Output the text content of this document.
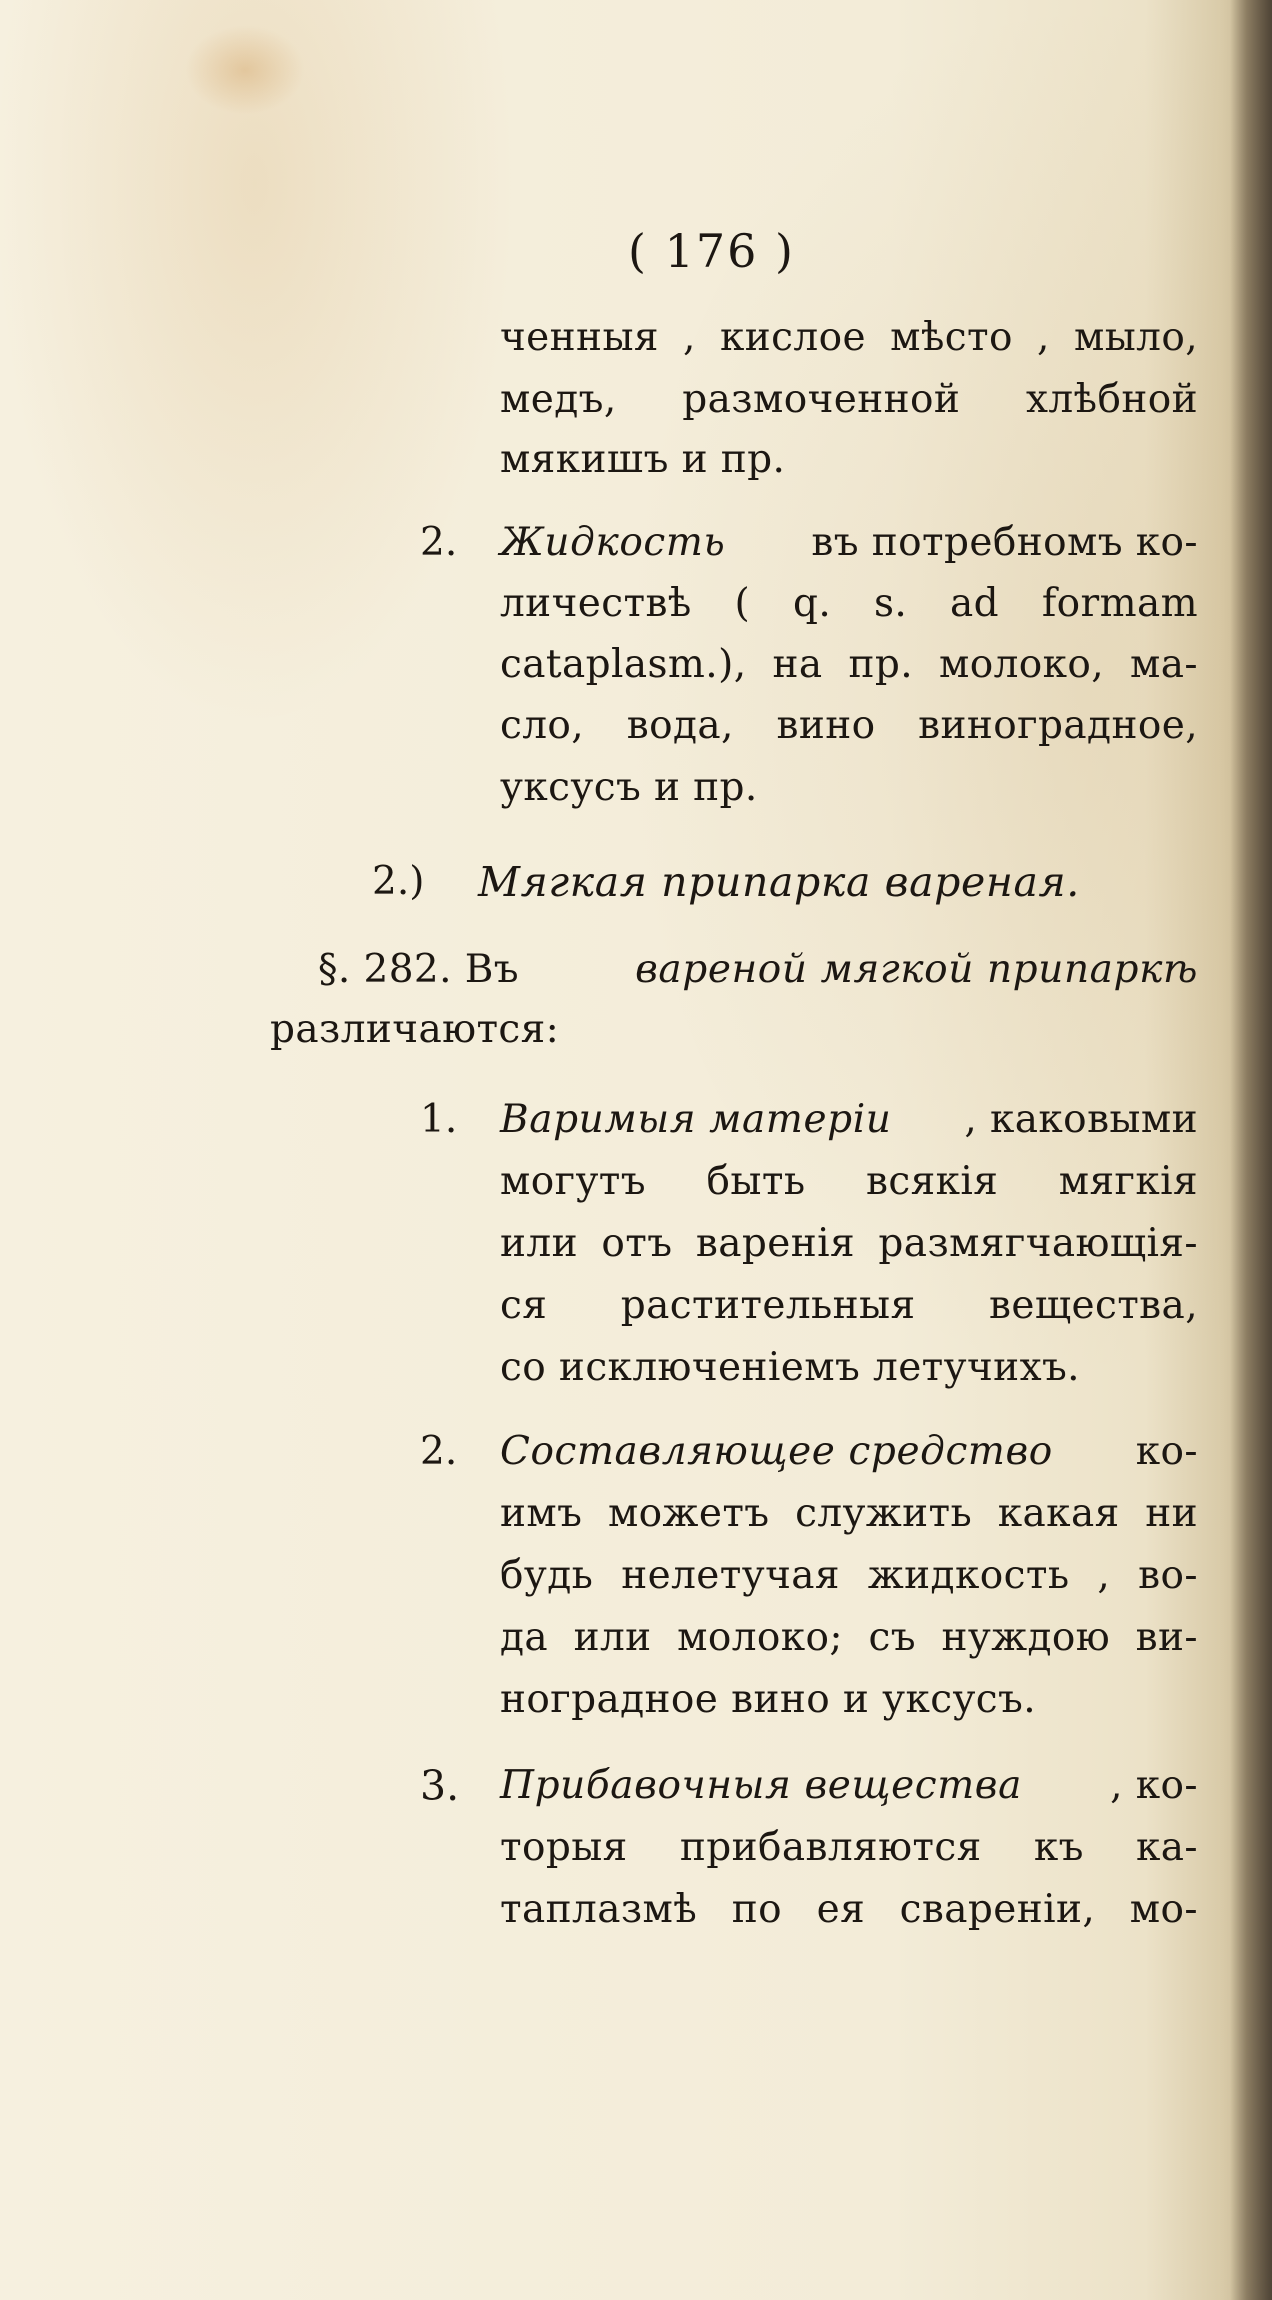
( 176 )
ченныя , кислое мѣсто , мыло,
медъ, размоченной хлѣбной
мякишъ и пр.
2. Жидкость въ потребномъ ко-
личествѣ ( q. s. ad formam
cataplasm.), на пр. молоко, ма-
сло, вода, вино виноградное,
уксусъ и пр.
2.) Мягкая припарка вареная.
§. 282. Въ	вареной мягкой припаркѣ
различаются:
1. Варимыя матеріи , каковыми
могутъ быть всякія мягкія
или отъ варенія размягчающія-
ся растительныя вещества,
со исключеніемъ летучихъ.
2. Составляющее средство ко-
имъ можетъ служить какая ни
будь нелетучая жидкость , во-
да или молоко; съ нуждою ви-
ноградное вино и уксусъ.
3. Прибавочныя вещества , ко-
торыя прибавляются къ ка-
таплазмѣ по ея свареніи, мо-
